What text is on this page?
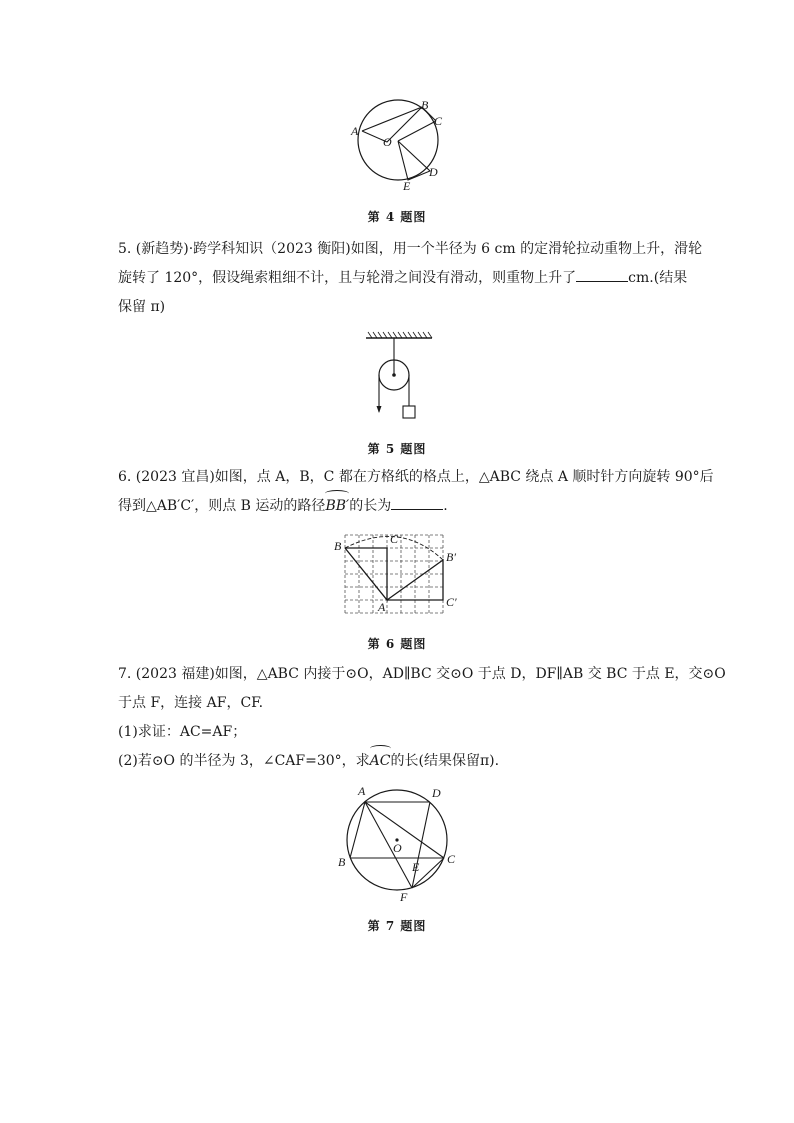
A
B
C
O
D
E
第 4 题图
5. (新趋势)·跨学科知识（2023 衡阳)如图，用一个半径为 6 cm 的定滑轮拉动重物上升，滑轮
旋转了 120°，假设绳索粗细不计，且与轮滑之间没有滑动，则重物上升了	cm.(结果
保留 π)
第 5 题图
6. (2023 宜昌)如图，点 A，B，C 都在方格纸的格点上，△ABC 绕点 A 顺时针方向旋转 90°后
得到△AB′C′，则点 B 运动的路径BB′的长为	.
B	C
B′
A	C′
第 6 题图
7. (2023 福建)如图，△ABC 内接于⊙O，AD∥BC 交⊙O 于点 D，DF∥AB 交 BC 于点 E，交⊙O
于点 F，连接 AF，CF.
(1)求证：AC=AF；
(2)若⊙O 的半径为 3，∠CAF=30°，求AC的长(结果保留π).
A	D
O
B	E
C
F
第 7 题图
